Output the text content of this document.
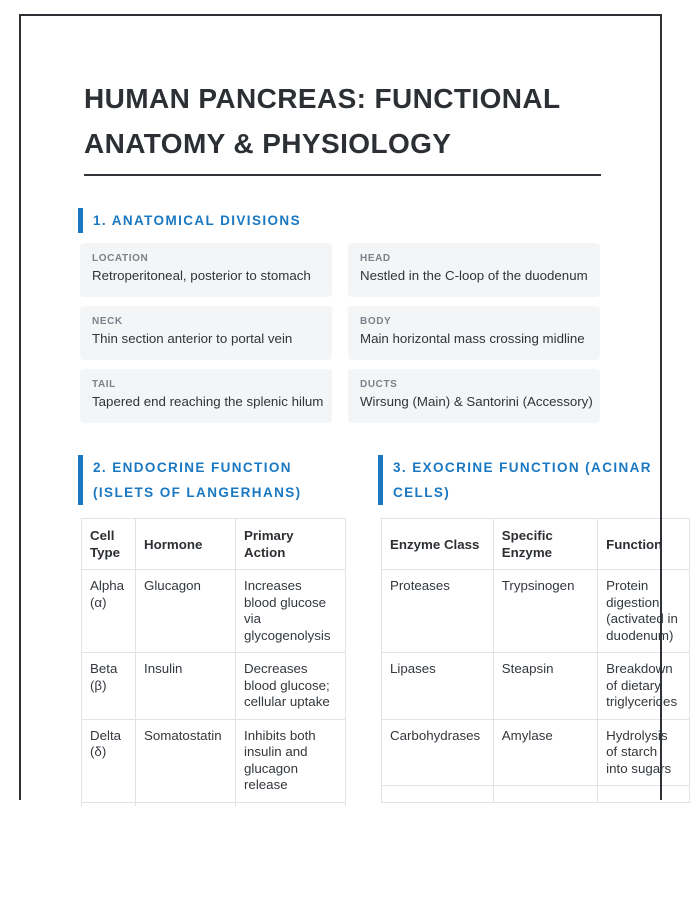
HUMAN PANCREAS: FUNCTIONAL ANATOMY & PHYSIOLOGY
1. ANATOMICAL DIVISIONS
LOCATION
Retroperitoneal, posterior to stomach
HEAD
Nestled in the C-loop of the duodenum
NECK
Thin section anterior to portal vein
BODY
Main horizontal mass crossing midline
TAIL
Tapered end reaching the splenic hilum
DUCTS
Wirsung (Main) & Santorini (Accessory)
2. ENDOCRINE FUNCTION (ISLETS OF LANGERHANS)
Cell Type	Hormone	Primary Action
Alpha (α)	Glucagon	Increases blood glucose via glycogenolysis
Beta (β)	Insulin	Decreases blood glucose; cellular uptake
Delta (δ)	Somatostatin	Inhibits both insulin and glucagon release

3. EXOCRINE FUNCTION (ACINAR CELLS)
Enzyme Class	Specific Enzyme	Function
Proteases	Trypsinogen	Protein digestion (activated in duodenum)
Lipases	Steapsin	Breakdown of dietary triglycerides
Carbohydrases	Amylase	Hydrolysis of starch into sugars
